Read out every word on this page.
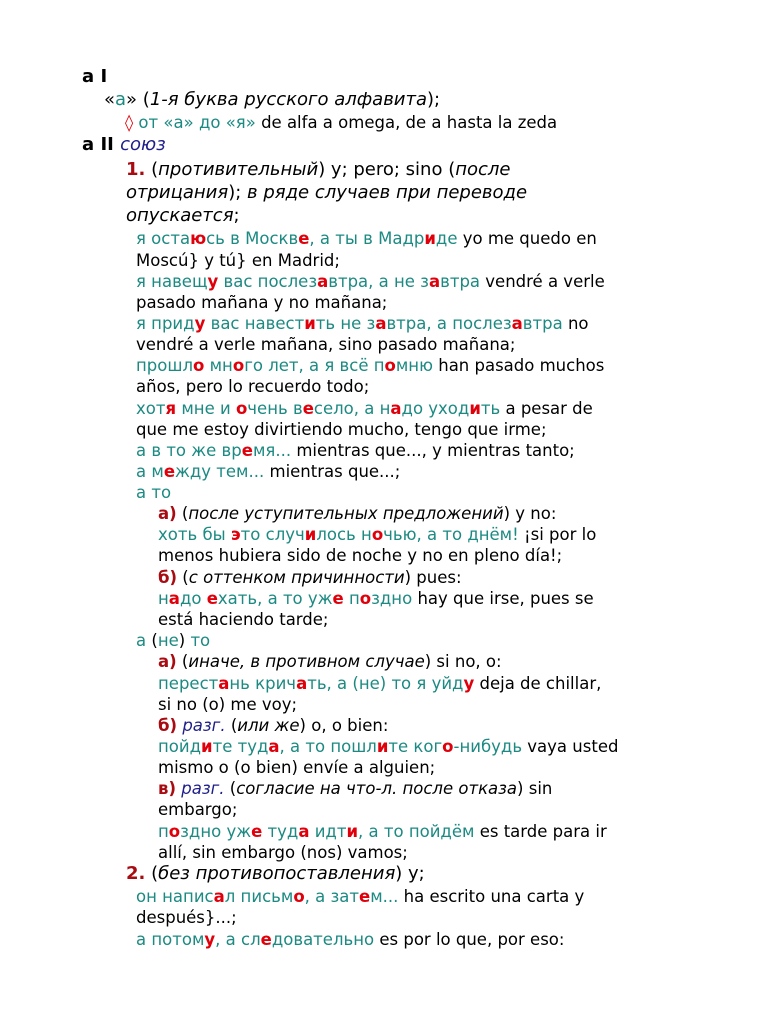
а I
«а» (1-я буква русского алфавита);
◊ от «а» до «я» de alfa a omega, de a hasta la zeda
а II союз
1. (противительный) y; pero; sino (после
отрицания); в ряде случаев при переводе
опускается;
я остаюсь в Москве, а ты в Мадриде yo me quedo en
Moscú} y tú} en Madrid;
я навещу вас послезавтра, а не завтра vendré a verle
pasado mañana y no mañana;
я приду вас навестить не завтра, а послезавтра no
vendré a verle mañana, sino pasado mañana;
прошло много лет, а я всё помню han pasado muchos
años, pero lo recuerdo todo;
хотя мне и очень весело, а надо уходить a pesar de
que me estoy divirtiendo mucho, tengo que irme;
а в то же время... mientras que..., y mientras tanto;
а между тем... mientras que...;
а то
а) (после уступительных предложений) y no:
хоть бы это случилось ночью, а то днём! ¡si por lo
menos hubiera sido de noche y no en pleno día!;
б) (с оттенком причинности) pues:
надо ехать, а то уже поздно hay que irse, pues se
está haciendo tarde;
а (не) то
а) (иначе, в противном случае) si no, o:
перестань кричать, а (не) то я уйду deja de chillar,
si no (o) me voy;
б) разг. (или же) o, o bien:
пойдите туда, а то пошлите кого-нибудь vaya usted
mismo o (o bien) envíe a alguien;
в) разг. (согласие на что-л. после отказа) sin
embargo;
поздно уже туда идти, а то пойдём es tarde para ir
allí, sin embargo (nos) vamos;
2. (без противопоставления) y;
он написал письмо, а затем... ha escrito una carta y
después}...;
а потому, а следовательно es por lo que, por eso:
